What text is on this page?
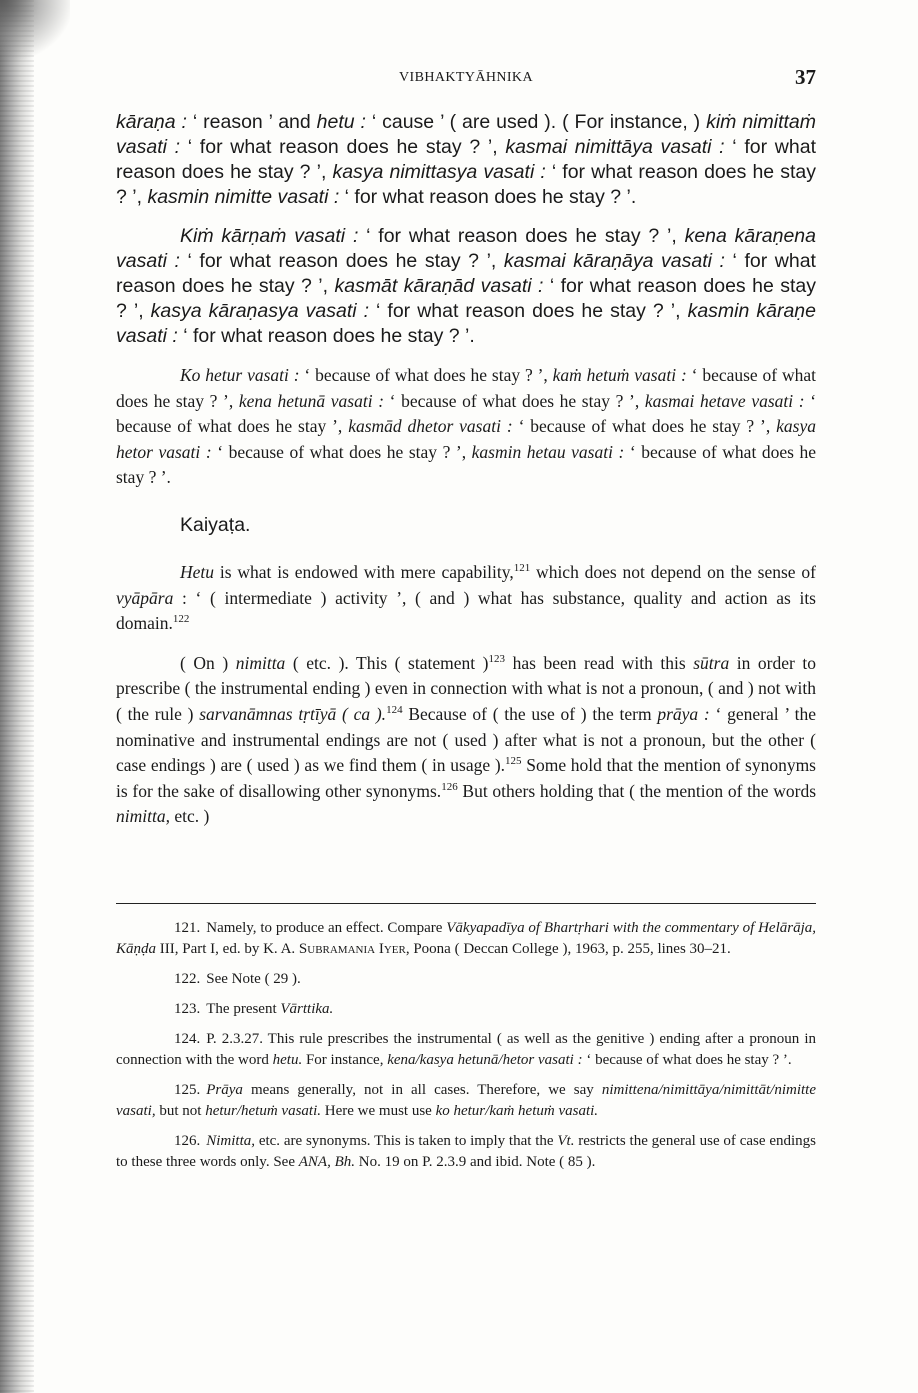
VIBHAKTYĀHNIKA	37

kāraṇa : ‘ reason ’ and hetu : ‘ cause ’ ( are used ). ( For instance, ) kiṁ nimittaṁ vasati : ‘ for what reason does he stay ? ’, kasmai nimittāya vasati : ‘ for what reason does he stay ? ’, kasya nimittasya vasati : ‘ for what reason does he stay ? ’, kasmin nimitte vasati : ‘ for what reason does he stay ? ’.

Kiṁ kārṇaṁ vasati : ‘ for what reason does he stay ? ’, kena kāraṇena vasati : ‘ for what reason does he stay ? ’, kasmai kāraṇāya vasati : ‘ for what reason does he stay ? ’, kasmāt kāraṇād vasati : ‘ for what reason does he stay ? ’, kasya kāraṇasya vasati : ‘ for what reason does he stay ? ’, kasmin kāraṇe vasati : ‘ for what reason does he stay ? ’.

Ko hetur vasati : ‘ because of what does he stay ? ’, kaṁ hetuṁ vasati : ‘ because of what does he stay ? ’, kena hetunā vasati : ‘ because of what does he stay ? ’, kasmai hetave vasati : ‘ because of what does he stay ’, kasmād dhetor vasati : ‘ because of what does he stay ? ’, kasya hetor vasati : ‘ because of what does he stay ? ’, kasmin hetau vasati : ‘ because of what does he stay ? ’.

Kaiyaṭa.

Hetu is what is endowed with mere capability,$^{121}$ which does not depend on the sense of vyāpāra : ‘ ( intermediate ) activity ’, ( and ) what has substance, quality and action as its domain.$^{122}$

( On ) nimitta ( etc. ). This ( statement )$^{123}$ has been read with this sūtra in order to prescribe ( the instrumental ending ) even in connection with what is not a pronoun, ( and ) not with ( the rule ) sarvanāmnas tṛtīyā ( ca ).$^{124}$ Because of ( the use of ) the term prāya : ‘ general ’ the nominative and instrumental endings are not ( used ) after what is not a pronoun, but the other ( case endings ) are ( used ) as we find them ( in usage ).$^{125}$ Some hold that the mention of synonyms is for the sake of disallowing other synonyms.$^{126}$ But others holding that ( the mention of the words nimitta, etc. )

121. Namely, to produce an effect. Compare Vākyapadīya of Bhartṛhari with the commentary of Helārāja, Kāṇḍa III, Part I, ed. by K. A. Subramania Iyer, Poona ( Deccan College ), 1963, p. 255, lines 30–21.
122. See Note ( 29 ).
123. The present Vārttika.
124. P. 2.3.27. This rule prescribes the instrumental ( as well as the genitive ) ending after a pronoun in connection with the word hetu. For instance, kena/kasya hetunā/hetor vasati : ‘ because of what does he stay ? ’.
125. Prāya means generally, not in all cases. Therefore, we say nimittena/nimittāya/nimittāt/nimitte vasati, but not hetur/hetuṁ vasati. Here we must use ko hetur/kaṁ hetuṁ vasati.
126. Nimitta, etc. are synonyms. This is taken to imply that the Vt. restricts the general use of case endings to these three words only. See ANA, Bh. No. 19 on P. 2.3.9 and ibid. Note ( 85 ).
